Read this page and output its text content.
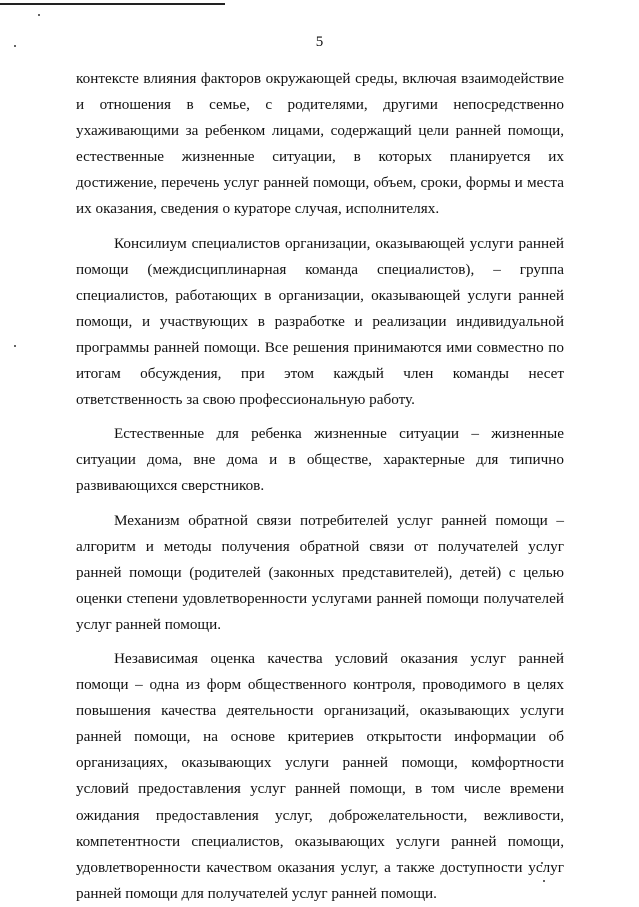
5

контексте влияния факторов окружающей среды, включая взаимодействие и отношения в семье, с родителями, другими непосредственно ухаживающими за ребенком лицами, содержащий цели ранней помощи, естественные жизненные ситуации, в которых планируется их достижение, перечень услуг ранней помощи, объем, сроки, формы и места их оказания, сведения о кураторе случая, исполнителях.

Консилиум специалистов организации, оказывающей услуги ранней помощи (междисциплинарная команда специалистов), – группа специалистов, работающих в организации, оказывающей услуги ранней помощи, и участвующих в разработке и реализации индивидуальной программы ранней помощи. Все решения принимаются ими совместно по итогам обсуждения, при этом каждый член команды несет ответственность за свою профессиональную работу.

Естественные для ребенка жизненные ситуации – жизненные ситуации дома, вне дома и в обществе, характерные для типично развивающихся сверстников.

Механизм обратной связи потребителей услуг ранней помощи – алгоритм и методы получения обратной связи от получателей услуг ранней помощи (родителей (законных представителей), детей) с целью оценки степени удовлетворенности услугами ранней помощи получателей услуг ранней помощи.

Независимая оценка качества условий оказания услуг ранней помощи – одна из форм общественного контроля, проводимого в целях повышения качества деятельности организаций, оказывающих услуги ранней помощи, на основе критериев открытости информации об организациях, оказывающих услуги ранней помощи, комфортности условий предоставления услуг ранней помощи, в том числе времени ожидания предоставления услуг, доброжелательности, вежливости, компетентности специалистов, оказывающих услуги ранней помощи, удовлетворенности качеством оказания услуг, а также доступности услуг ранней помощи для получателей услуг ранней помощи.
